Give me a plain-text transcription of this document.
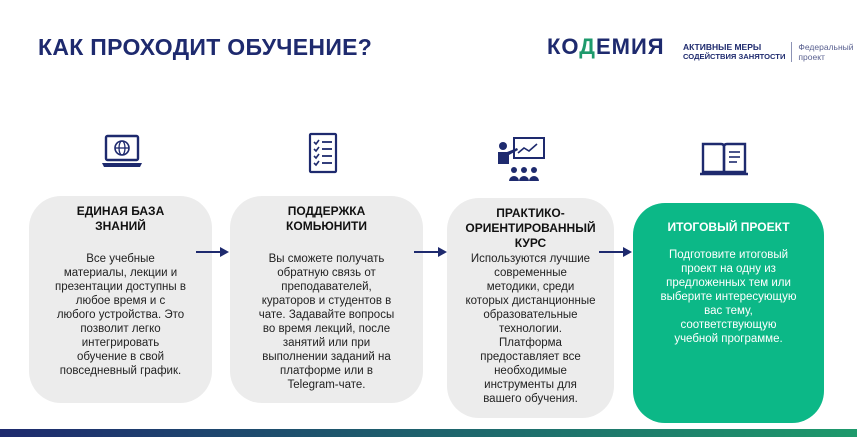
КАК ПРОХОДИТ ОБУЧЕНИЕ?	КОДЕМИЯ АКТИВНЫЕ МЕРЫ
СОДЕЙСТВИЯ ЗАНЯТОСТИ
Федеральный
проект
ЕДИНАЯ БАЗА
ЗНАНИЙ
Все учебные
материалы, лекции и
презентации доступны в
любое время и с
любого устройства. Это
позволит легко
интегрировать
обучение в свой
повседневный график.
ПОДДЕРЖКА
КОМЬЮНИТИ
Вы сможете получать
обратную связь от
преподавателей,
кураторов и студентов в
чате. Задавайте вопросы
во время лекций, после
занятий или при
выполнении заданий на
платформе или в
Telegram-чате.
ПРАКТИКО-
ОРИЕНТИРОВАННЫЙ
КУРС
Используются лучшие
современные
методики, среди
которых дистанционные
образовательные
технологии.
Платформа
предоставляет все
необходимые
инструменты для
вашего обучения.
ИТОГОВЫЙ ПРОЕКТ
Подготовите итоговый
проект на одну из
предложенных тем или
выберите интересующую
вас тему,
соответствующую
учебной программе.
